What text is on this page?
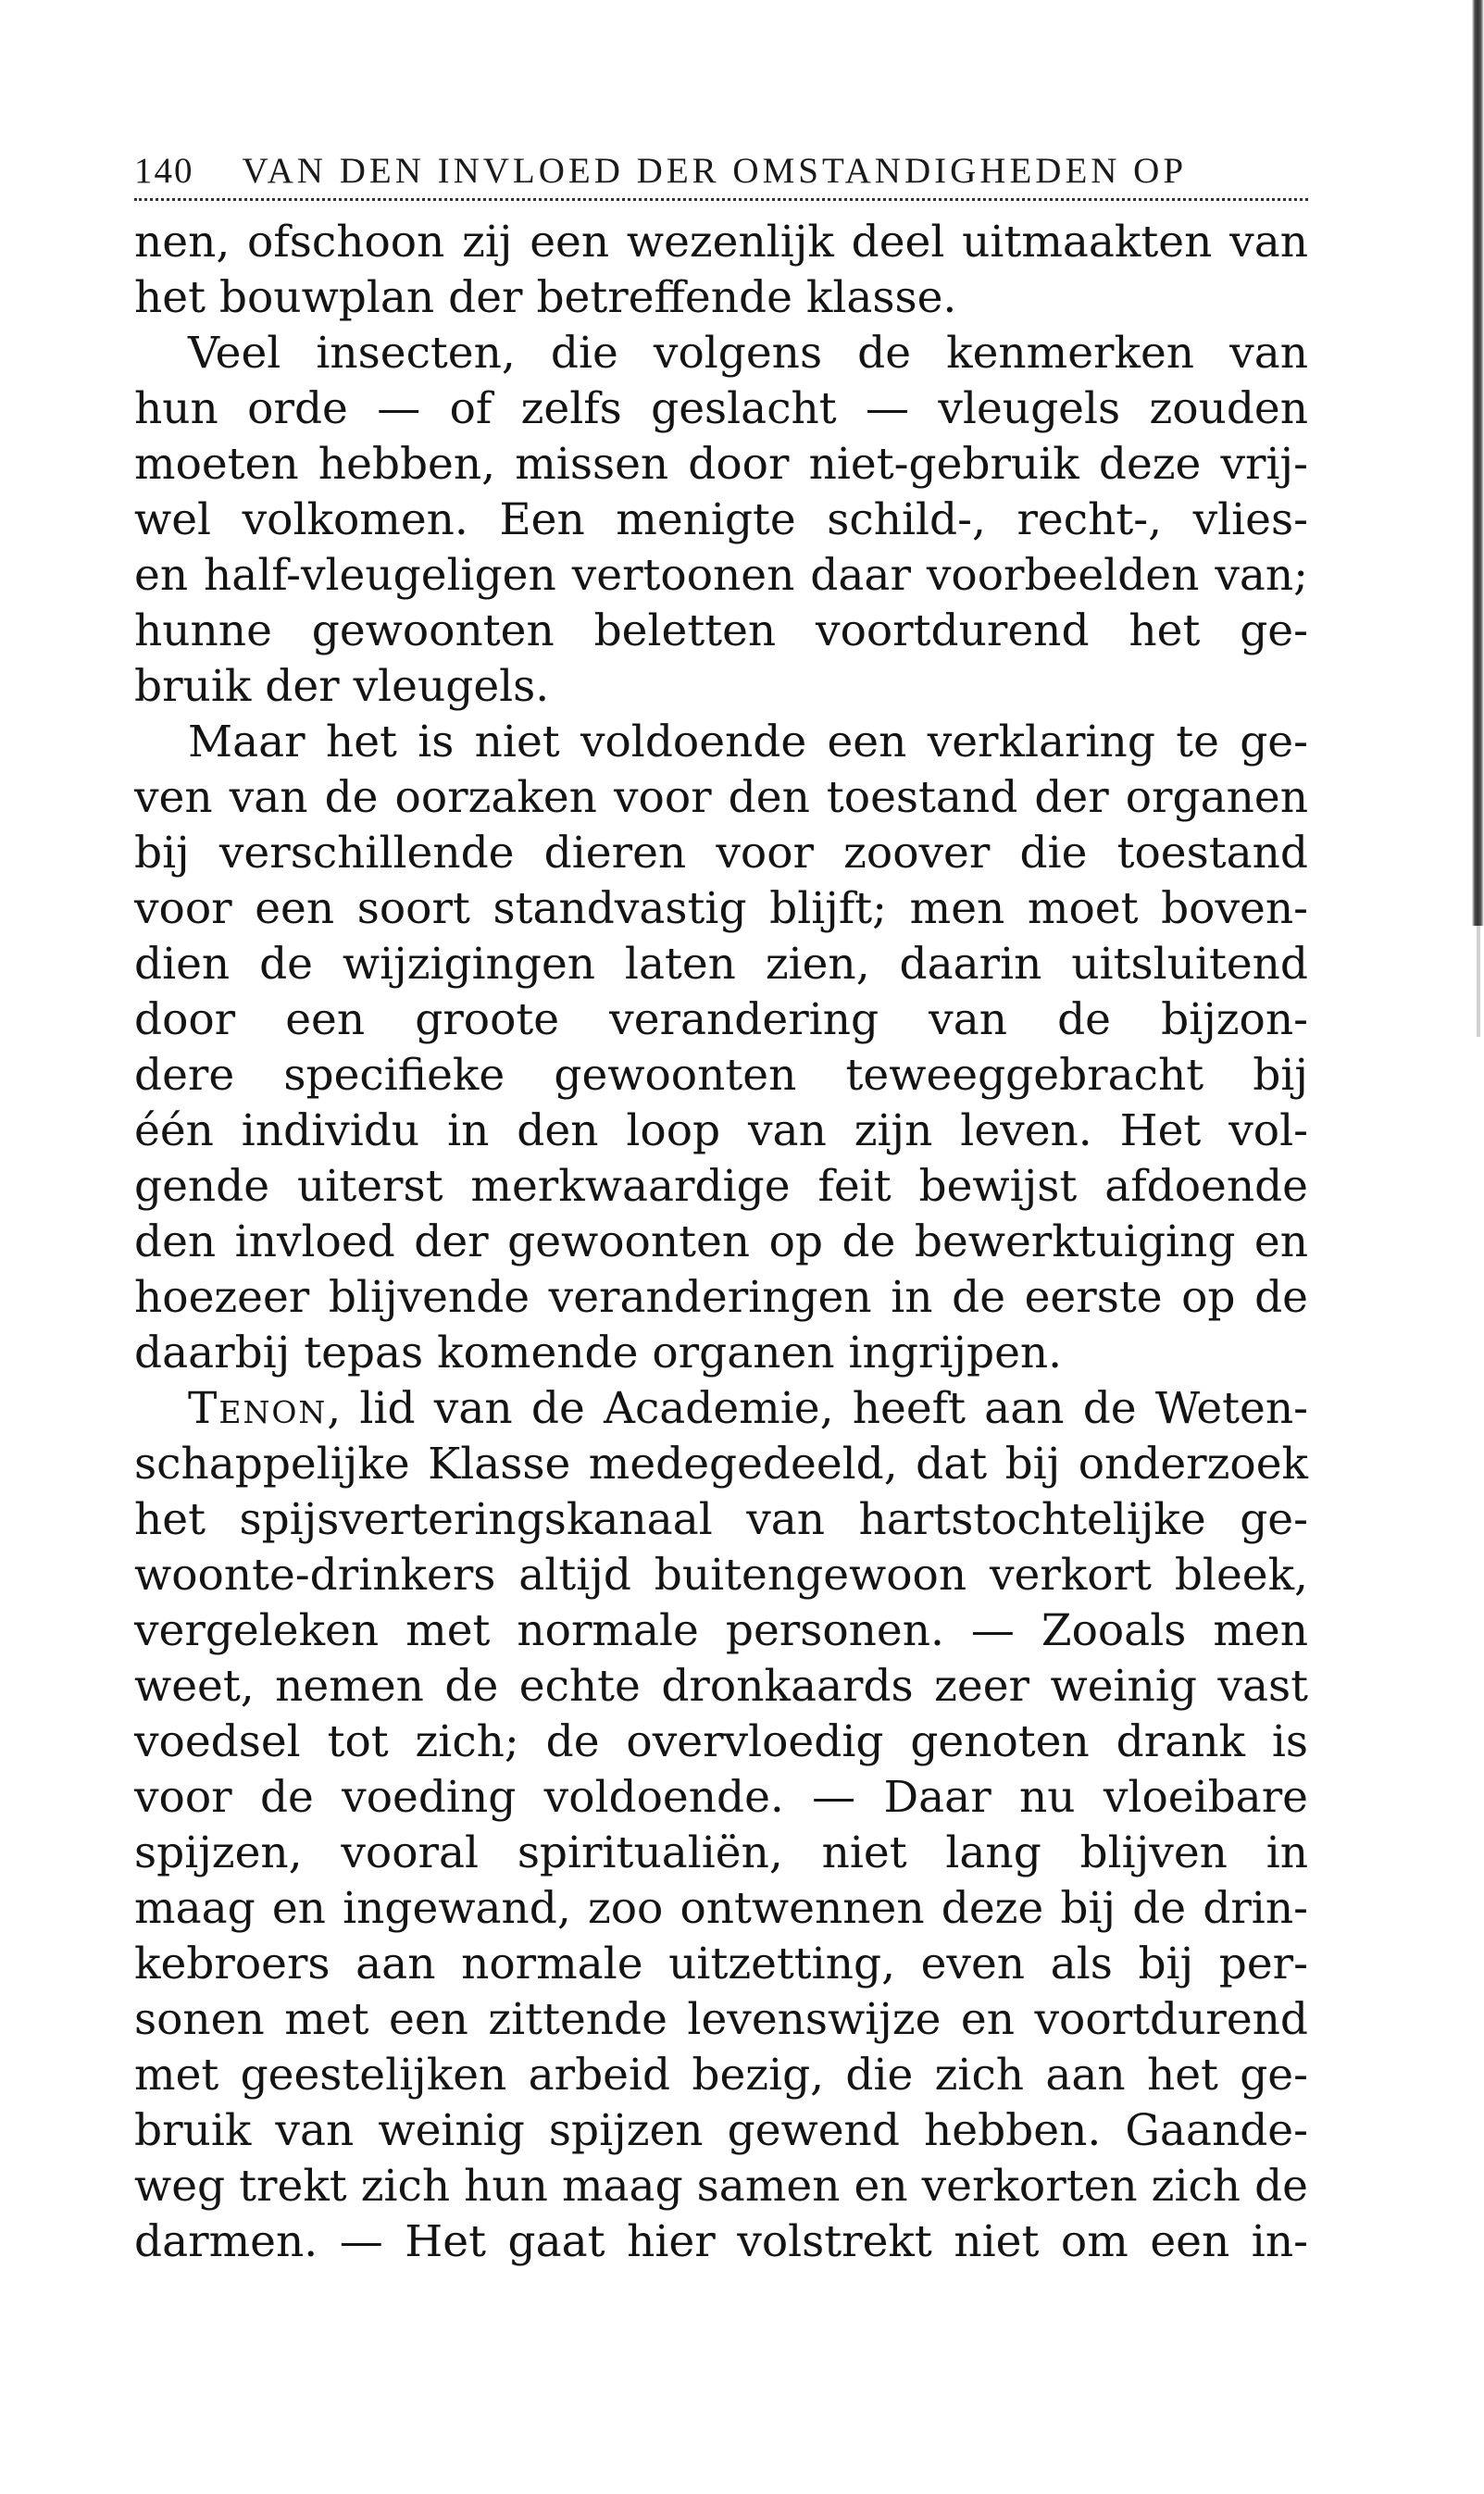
140 VAN DEN INVLOED DER OMSTANDIGHEDEN OP
nen, ofschoon zij een wezenlijk deel uitmaakten van
het bouwplan der betreffende klasse.
Veel insecten, die volgens de kenmerken van
hun orde — of zelfs geslacht — vleugels zouden
moeten hebben, missen door niet-gebruik deze vrij-
wel volkomen. Een menigte schild-, recht-, vlies-
en half-vleugeligen vertoonen daar voorbeelden van;
hunne gewoonten beletten voortdurend het ge-
bruik der vleugels.
Maar het is niet voldoende een verklaring te ge-
ven van de oorzaken voor den toestand der organen
bij verschillende dieren voor zoover die toestand
voor een soort standvastig blijft; men moet boven-
dien de wijzigingen laten zien, daarin uitsluitend
door een groote verandering van de bijzon-
dere specifieke gewoonten teweeggebracht bij
één individu in den loop van zijn leven. Het vol-
gende uiterst merkwaardige feit bewijst afdoende
den invloed der gewoonten op de bewerktuiging en
hoezeer blijvende veranderingen in de eerste op de
daarbij tepas komende organen ingrijpen.
Tenon, lid van de Academie, heeft aan de Weten-
schappelijke Klasse medegedeeld, dat bij onderzoek
het spijsverteringskanaal van hartstochtelijke ge-
woonte-drinkers altijd buitengewoon verkort bleek,
vergeleken met normale personen. — Zooals men
weet, nemen de echte dronkaards zeer weinig vast
voedsel tot zich; de overvloedig genoten drank is
voor de voeding voldoende. — Daar nu vloeibare
spijzen, vooral spiritualiën, niet lang blijven in
maag en ingewand, zoo ontwennen deze bij de drin-
kebroers aan normale uitzetting, even als bij per-
sonen met een zittende levenswijze en voortdurend
met geestelijken arbeid bezig, die zich aan het ge-
bruik van weinig spijzen gewend hebben. Gaande-
weg trekt zich hun maag samen en verkorten zich de
darmen. — Het gaat hier volstrekt niet om een in-
